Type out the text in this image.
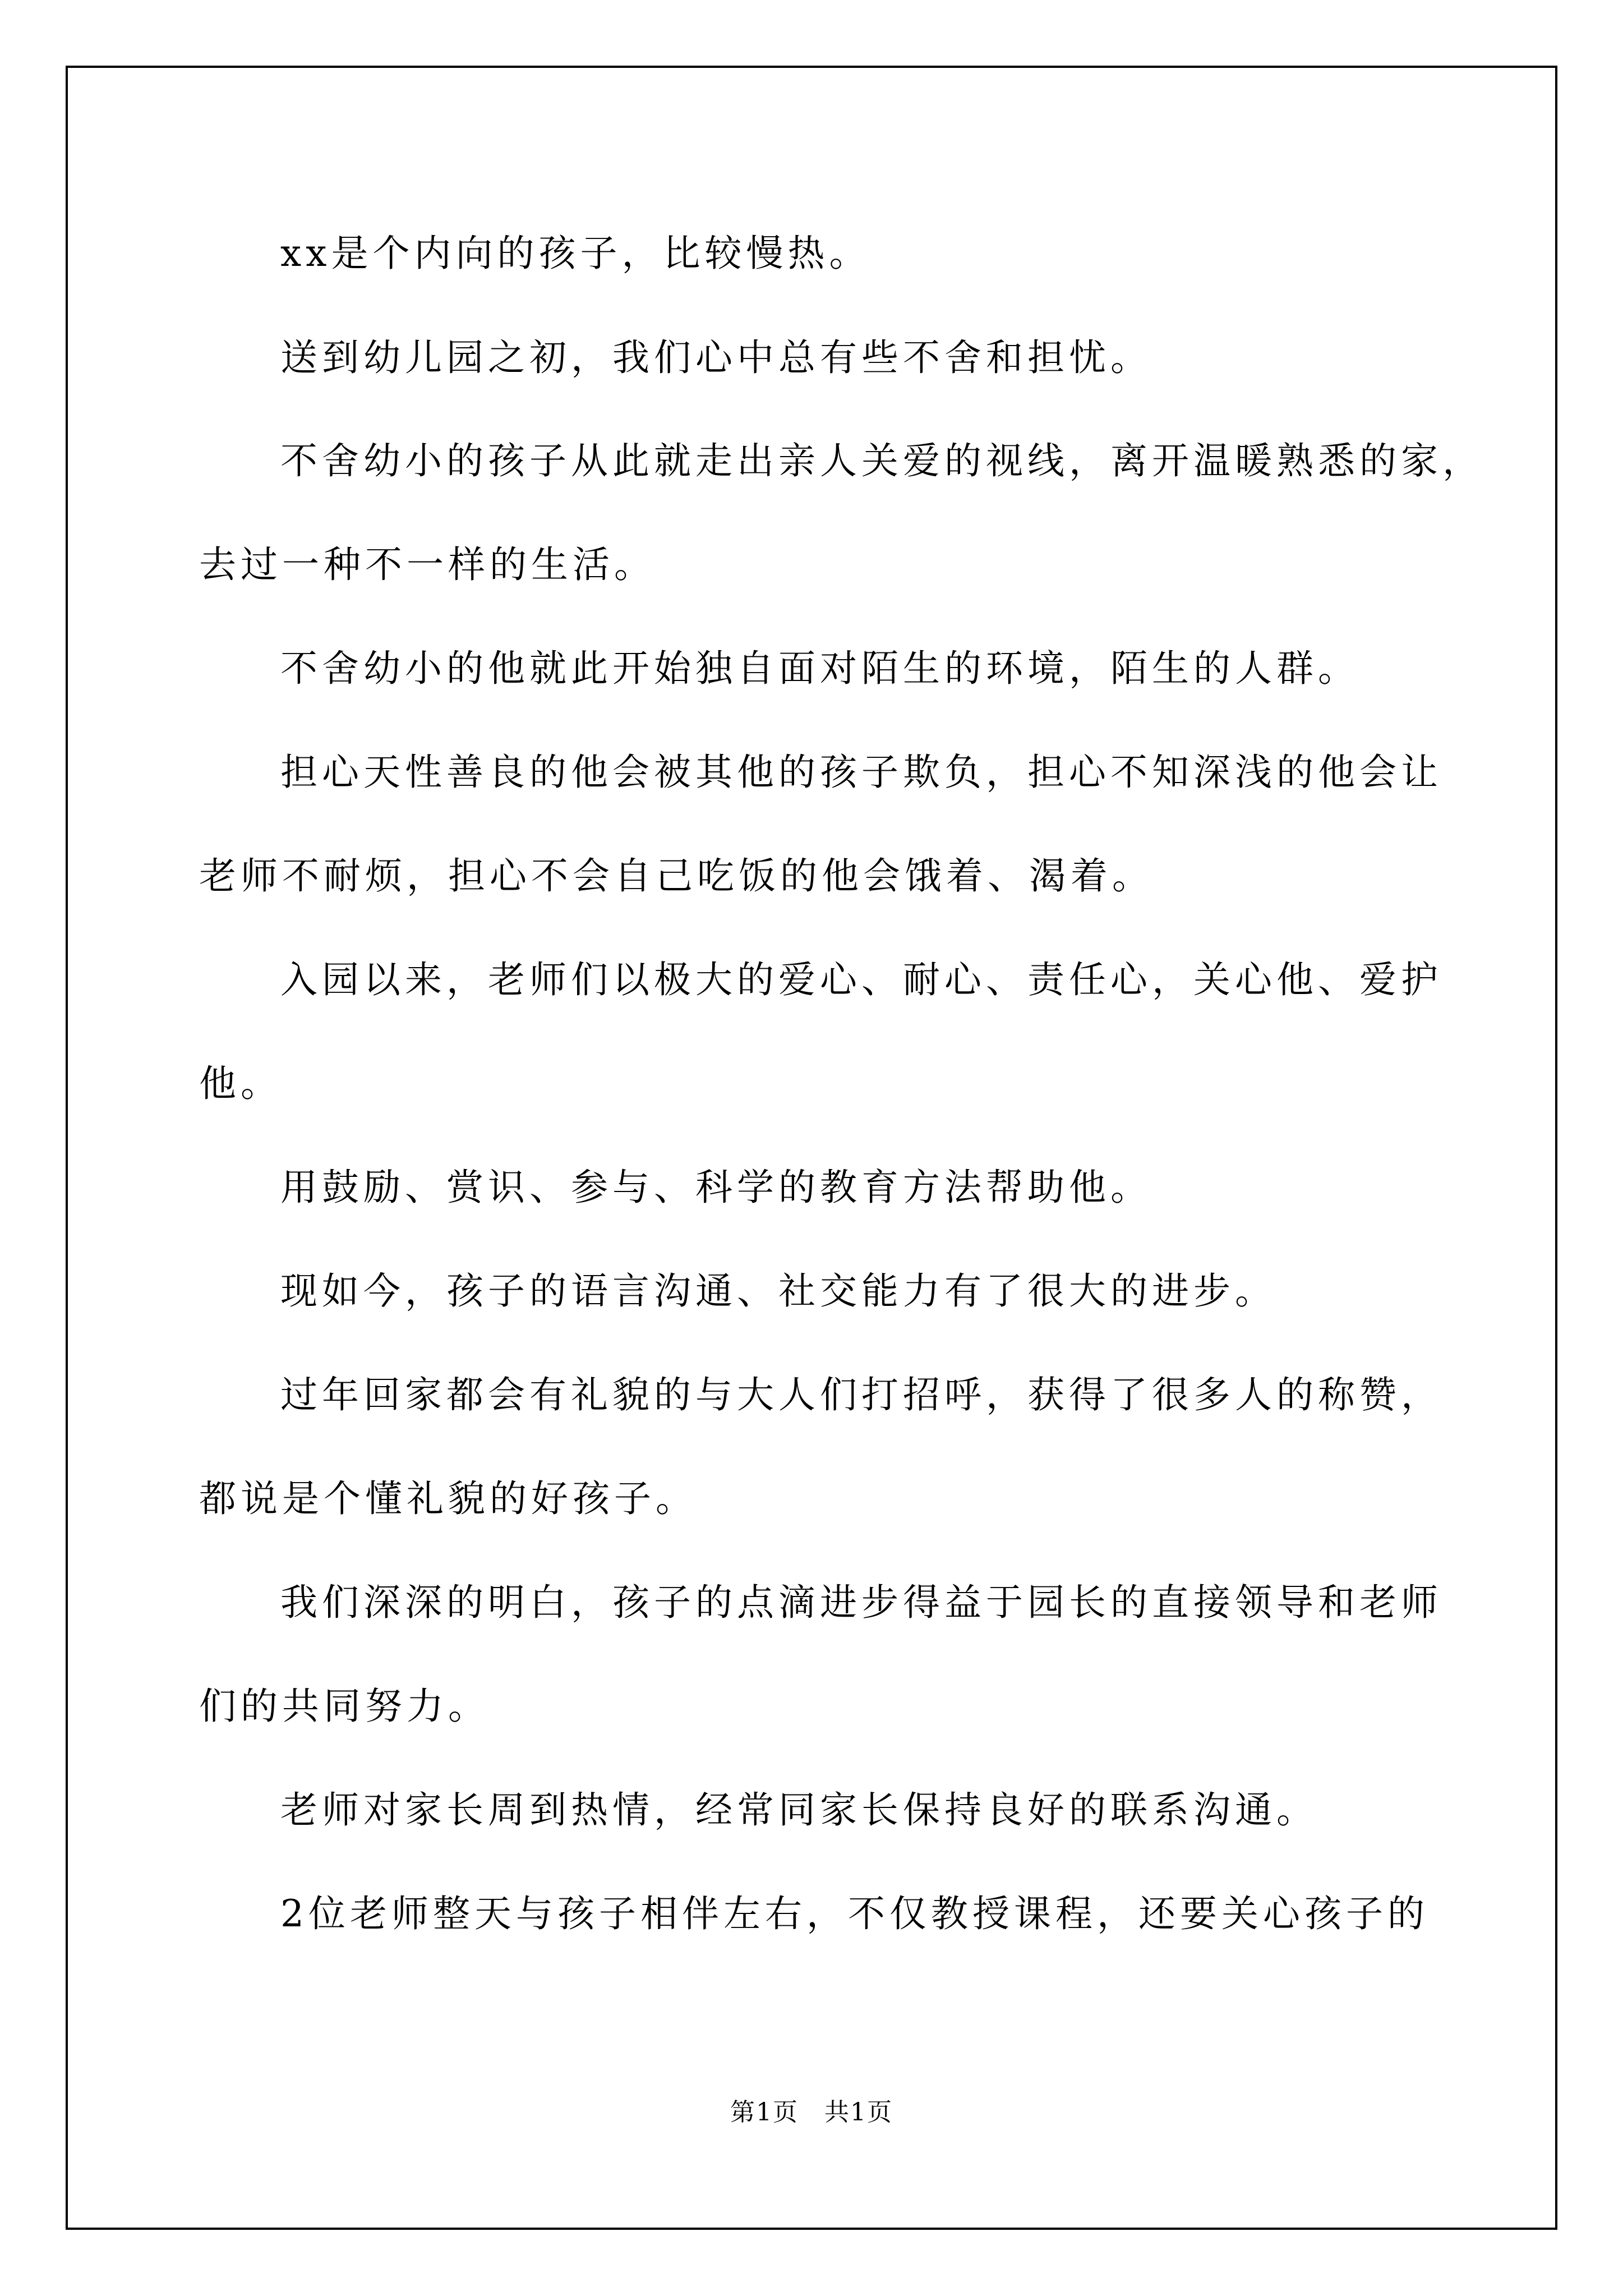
xx是个内向的孩子，比较慢热。
送到幼儿园之初，我们心中总有些不舍和担忧。
不舍幼小的孩子从此就走出亲人关爱的视线，离开温暖熟悉的家，
去过一种不一样的生活。
不舍幼小的他就此开始独自面对陌生的环境，陌生的人群。
担心天性善良的他会被其他的孩子欺负，担心不知深浅的他会让
老师不耐烦，担心不会自己吃饭的他会饿着、渴着。
入园以来，老师们以极大的爱心、耐心、责任心，关心他、爱护
他。
用鼓励、赏识、参与、科学的教育方法帮助他。
现如今，孩子的语言沟通、社交能力有了很大的进步。
过年回家都会有礼貌的与大人们打招呼，获得了很多人的称赞，
都说是个懂礼貌的好孩子。
我们深深的明白，孩子的点滴进步得益于园长的直接领导和老师
们的共同努力。
老师对家长周到热情，经常同家长保持良好的联系沟通。
2位老师整天与孩子相伴左右，不仅教授课程，还要关心孩子的
第1页　共1页
